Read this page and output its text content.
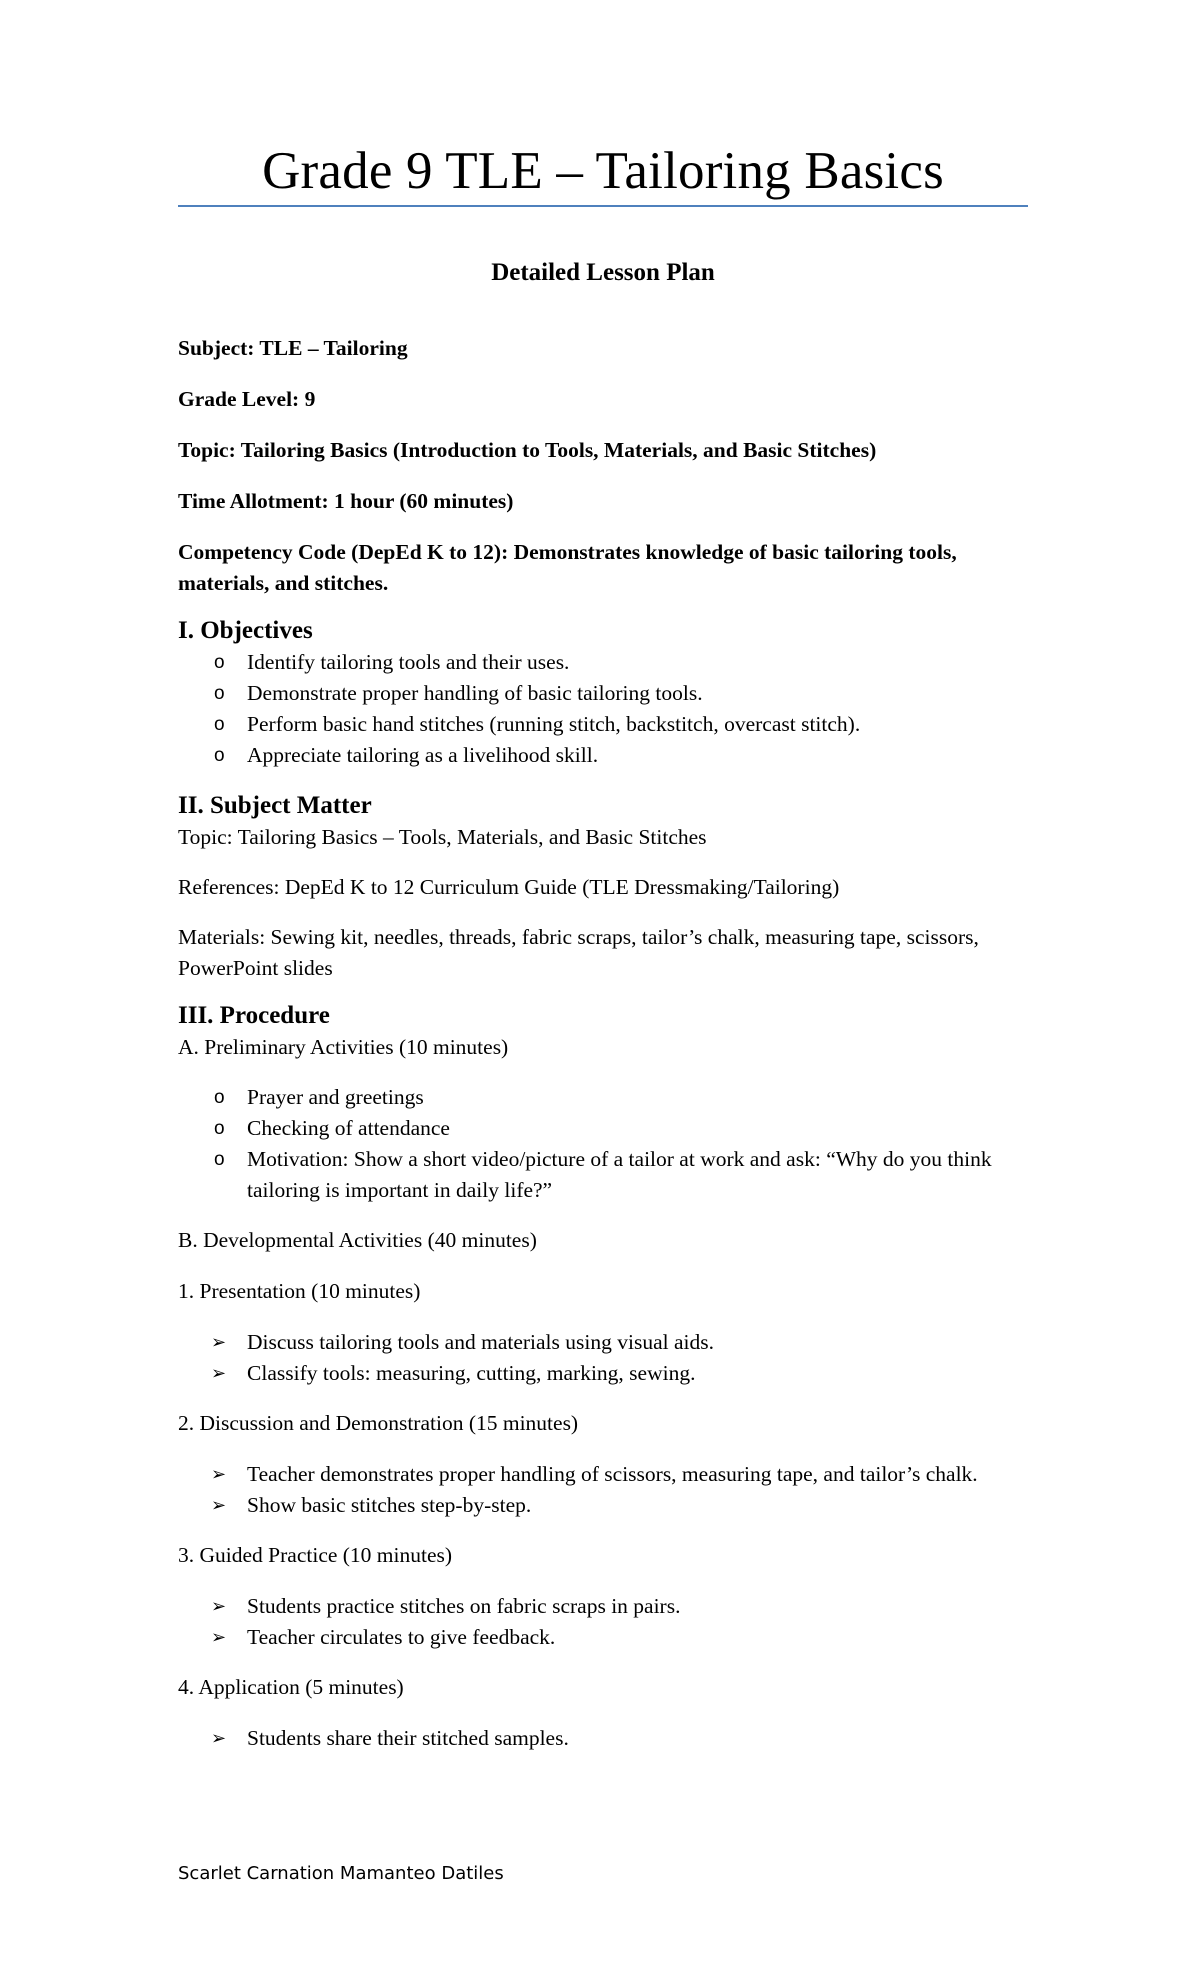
Grade 9 TLE – Tailoring Basics
Detailed Lesson Plan

Subject: TLE – Tailoring

Grade Level: 9

Topic: Tailoring Basics (Introduction to Tools, Materials, and Basic Stitches)

Time Allotment: 1 hour (60 minutes)

Competency Code (DepEd K to 12): Demonstrates knowledge of basic tailoring tools, materials, and stitches.

I. Objectives
o Identify tailoring tools and their uses.
o Demonstrate proper handling of basic tailoring tools.
o Perform basic hand stitches (running stitch, backstitch, overcast stitch).
o Appreciate tailoring as a livelihood skill.
II. Subject Matter

Topic: Tailoring Basics – Tools, Materials, and Basic Stitches

References: DepEd K to 12 Curriculum Guide (TLE Dressmaking/Tailoring)

Materials: Sewing kit, needles, threads, fabric scraps, tailor’s chalk, measuring tape, scissors, PowerPoint slides

III. Procedure

A. Preliminary Activities (10 minutes)

o Prayer and greetings
o Checking of attendance
o Motivation: Show a short video/picture of a tailor at work and ask: “Why do you think tailoring is important in daily life?”

B. Developmental Activities (40 minutes)

1. Presentation (10 minutes)

➢ Discuss tailoring tools and materials using visual aids.
➢ Classify tools: measuring, cutting, marking, sewing.

2. Discussion and Demonstration (15 minutes)

➢ Teacher demonstrates proper handling of scissors, measuring tape, and tailor’s chalk.
➢ Show basic stitches step-by-step.

3. Guided Practice (10 minutes)

➢ Students practice stitches on fabric scraps in pairs.
➢ Teacher circulates to give feedback.

4. Application (5 minutes)

➢ Students share their stitched samples.
Scarlet Carnation Mamanteo Datiles
